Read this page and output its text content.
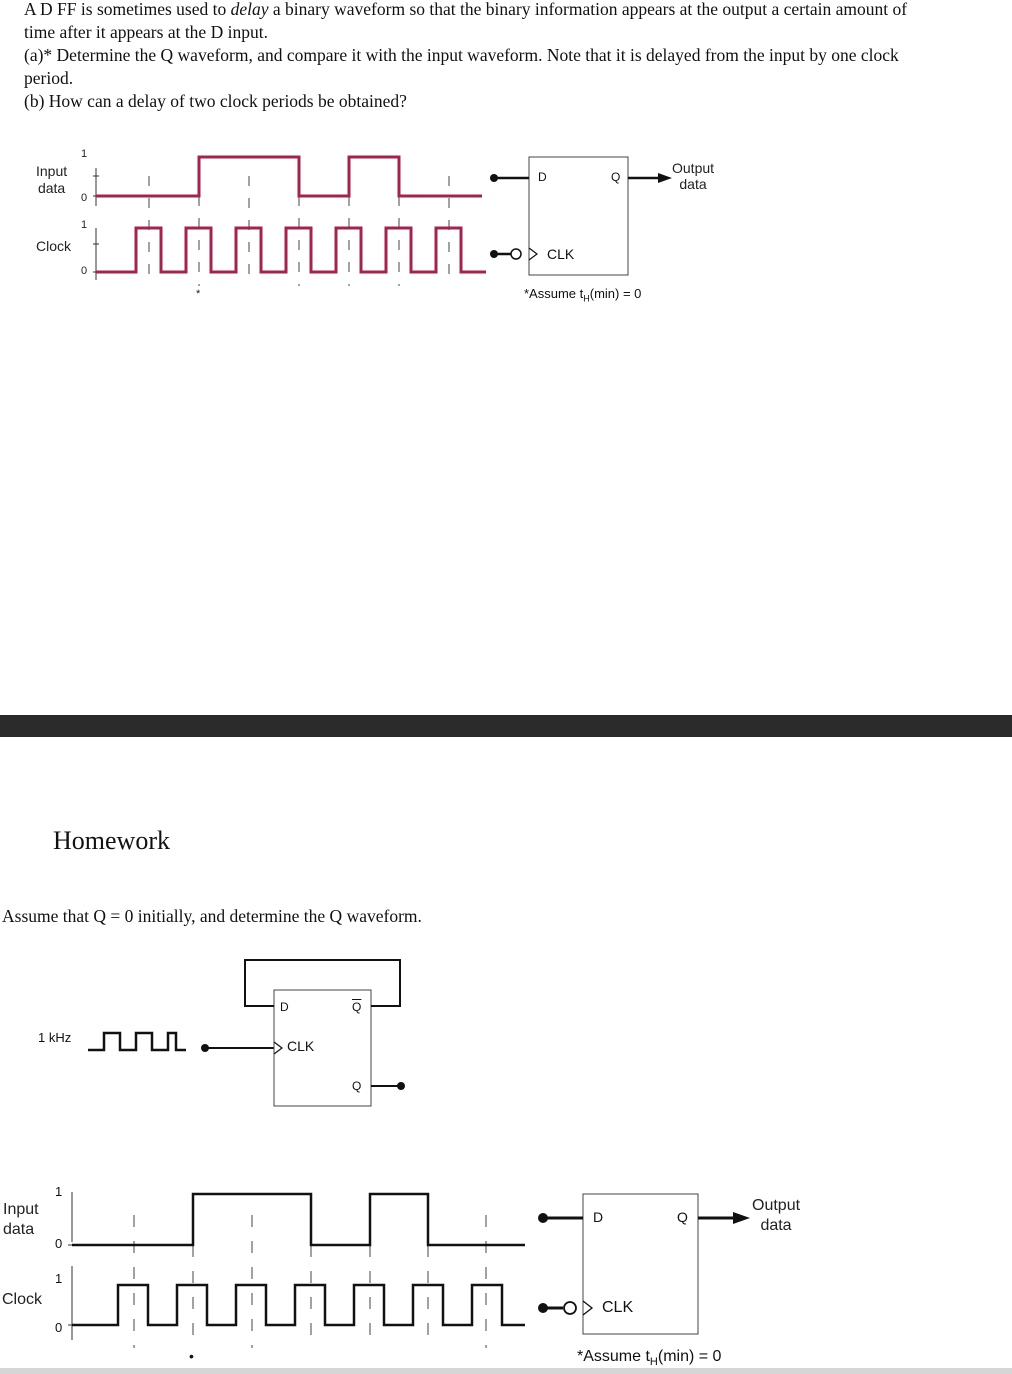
A D FF is sometimes used to delay a binary waveform so that the binary information appears at the output a certain amount of

time after it appears at the D input.

(a)* Determine the Q waveform, and compare it with the input waveform. Note that it is delayed from the input by one clock

period.

(b) How can a delay of two clock periods be obtained?

Input
data
Clock
1
0
1
0
*
D	Q
CLK
Output
data
*Assume $t_H(\min) = 0$
Homework
Assume that Q = 0 initially, and determine the Q waveform.
1 kHz
D	$\overline{Q}$
CLK
Q
Input
data
Clock
1
0
1
0
•
D	Q
CLK
Output
data
*Assume $t_H(\min) = 0$
